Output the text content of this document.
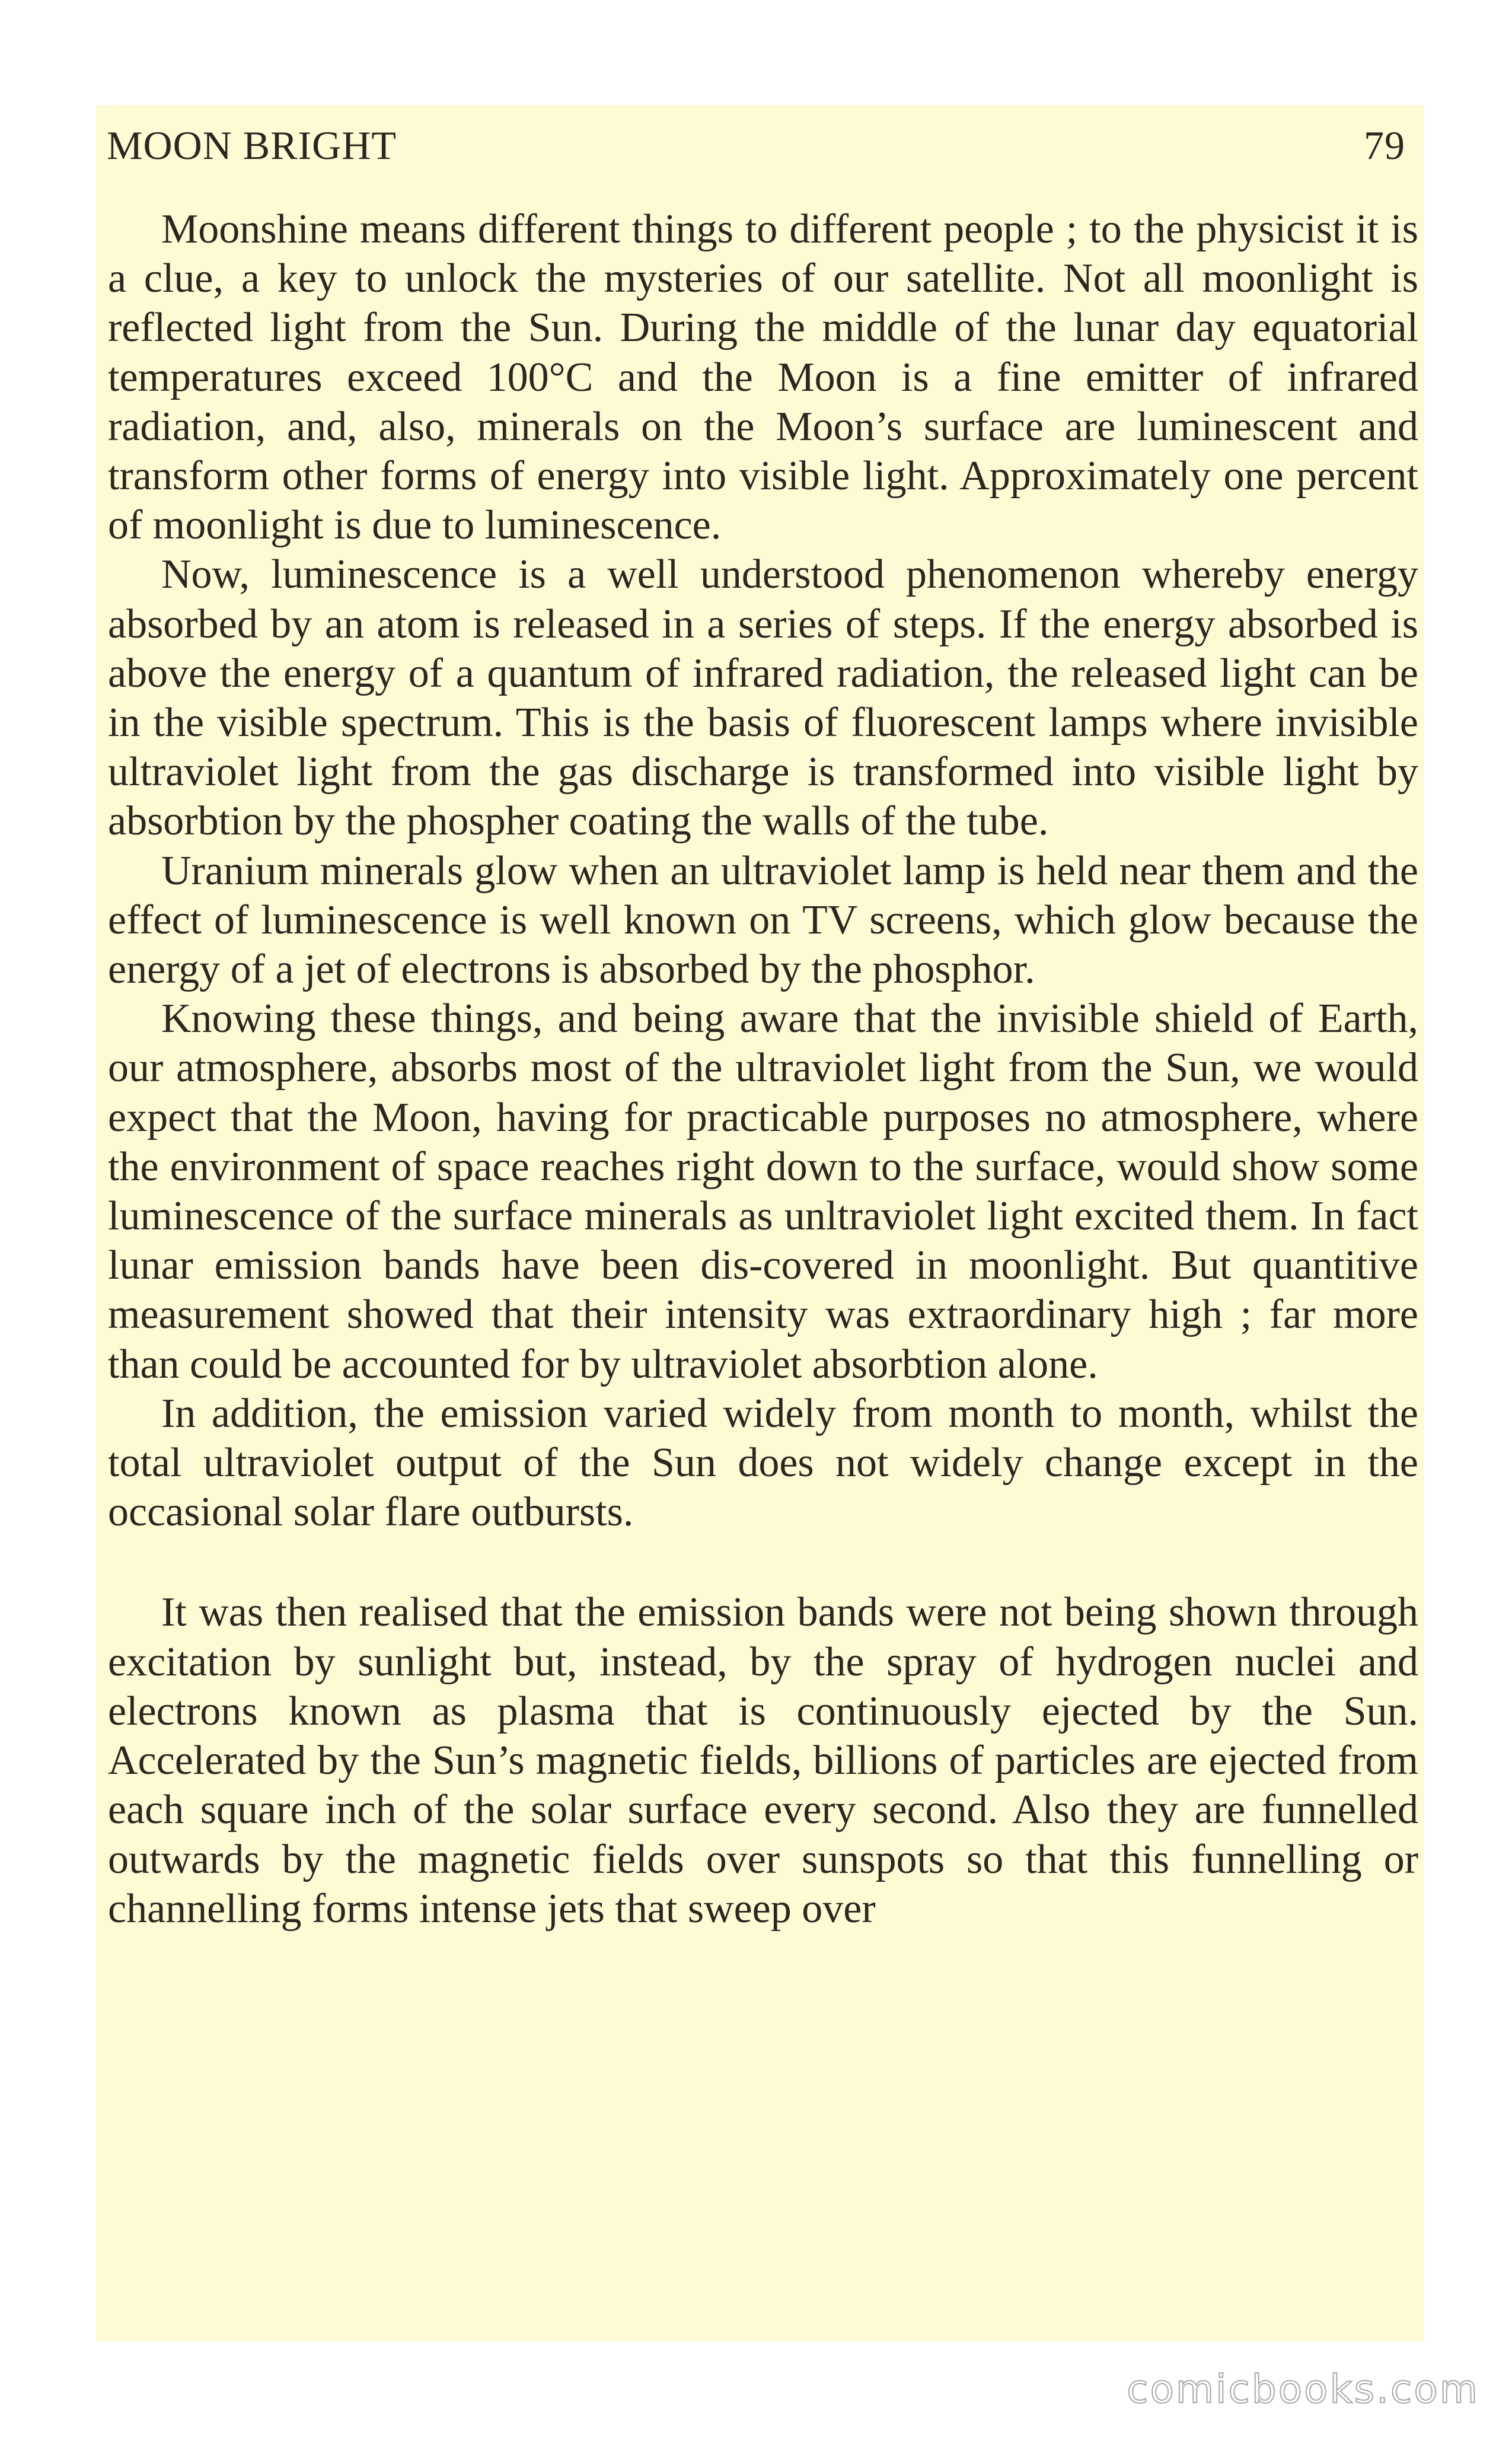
MOON BRIGHT	79

Moonshine means different things to different people ; to the physicist it is a clue, a key to unlock the mysteries of our satellite. Not all moonlight is reflected light from the Sun. During the middle of the lunar day equatorial temperatures exceed 100°C and the Moon is a fine emitter of infrared radiation, and, also, minerals on the Moon’s surface are luminescent and transform other forms of energy into visible light. Approximately one percent of moonlight is due to luminescence.

Now, luminescence is a well understood phenomenon whereby energy absorbed by an atom is released in a series of steps. If the energy absorbed is above the energy of a quantum of infrared radiation, the released light can be in the visible spectrum. This is the basis of fluorescent lamps where invisible ultraviolet light from the gas discharge is transformed into visible light by absorbtion by the phospher coating the walls of the tube.

Uranium minerals glow when an ultraviolet lamp is held near them and the effect of luminescence is well known on TV screens, which glow because the energy of a jet of electrons is absorbed by the phosphor.

Knowing these things, and being aware that the invisible shield of Earth, our atmosphere, absorbs most of the ultraviolet light from the Sun, we would expect that the Moon, having for practicable purposes no atmosphere, where the environment of space reaches right down to the surface, would show some luminescence of the surface minerals as unltraviolet light excited them. In fact lunar emission bands have been dis-covered in moonlight. But quantitive measurement showed that their intensity was extraordinary high ; far more than could be accounted for by ultraviolet absorbtion alone.

In addition, the emission varied widely from month to month, whilst the total ultraviolet output of the Sun does not widely change except in the occasional solar flare outbursts.

It was then realised that the emission bands were not being shown through excitation by sunlight but, instead, by the spray of hydrogen nuclei and electrons known as plasma that is continuously ejected by the Sun. Accelerated by the Sun’s magnetic fields, billions of particles are ejected from each square inch of the solar surface every second. Also they are funnelled outwards by the magnetic fields over sunspots so that this funnelling or channelling forms intense jets that sweep over

comicbooks.com
